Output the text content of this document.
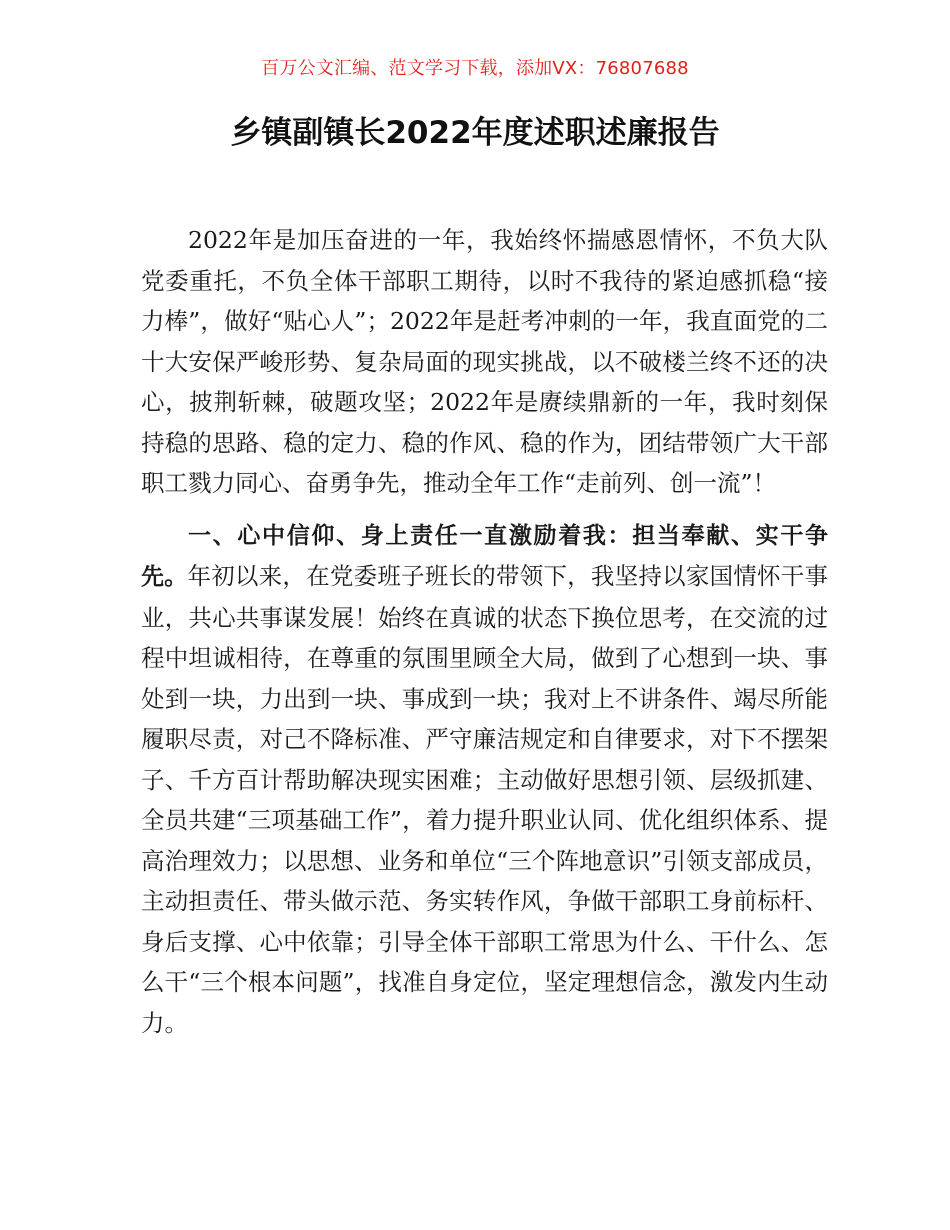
百万公文汇编、范文学习下载，添加VX：76807688
乡镇副镇长2022年度述职述廉报告

2022年是加压奋进的一年，我始终怀揣感恩情怀，不负大队党委重托，不负全体干部职工期待，以时不我待的紧迫感抓稳“接力棒”，做好“贴心人”；2022年是赶考冲刺的一年，我直面党的二十大安保严峻形势、复杂局面的现实挑战，以不破楼兰终不还的决心，披荆斩棘，破题攻坚；2022年是赓续鼎新的一年，我时刻保持稳的思路、稳的定力、稳的作风、稳的作为，团结带领广大干部职工戮力同心、奋勇争先，推动全年工作“走前列、创一流”！

一、心中信仰、身上责任一直激励着我：担当奉献、实干争先。年初以来，在党委班子班长的带领下，我坚持以家国情怀干事业，共心共事谋发展！始终在真诚的状态下换位思考，在交流的过程中坦诚相待，在尊重的氛围里顾全大局，做到了心想到一块、事处到一块，力出到一块、事成到一块；我对上不讲条件、竭尽所能履职尽责，对己不降标准、严守廉洁规定和自律要求，对下不摆架子、千方百计帮助解决现实困难；主动做好思想引领、层级抓建、全员共建“三项基础工作”，着力提升职业认同、优化组织体系、提高治理效力；以思想、业务和单位“三个阵地意识”引领支部成员，主动担责任、带头做示范、务实转作风，争做干部职工身前标杆、身后支撑、心中依靠；引导全体干部职工常思为什么、干什么、怎么干“三个根本问题”，找准自身定位，坚定理想信念，激发内生动力。
